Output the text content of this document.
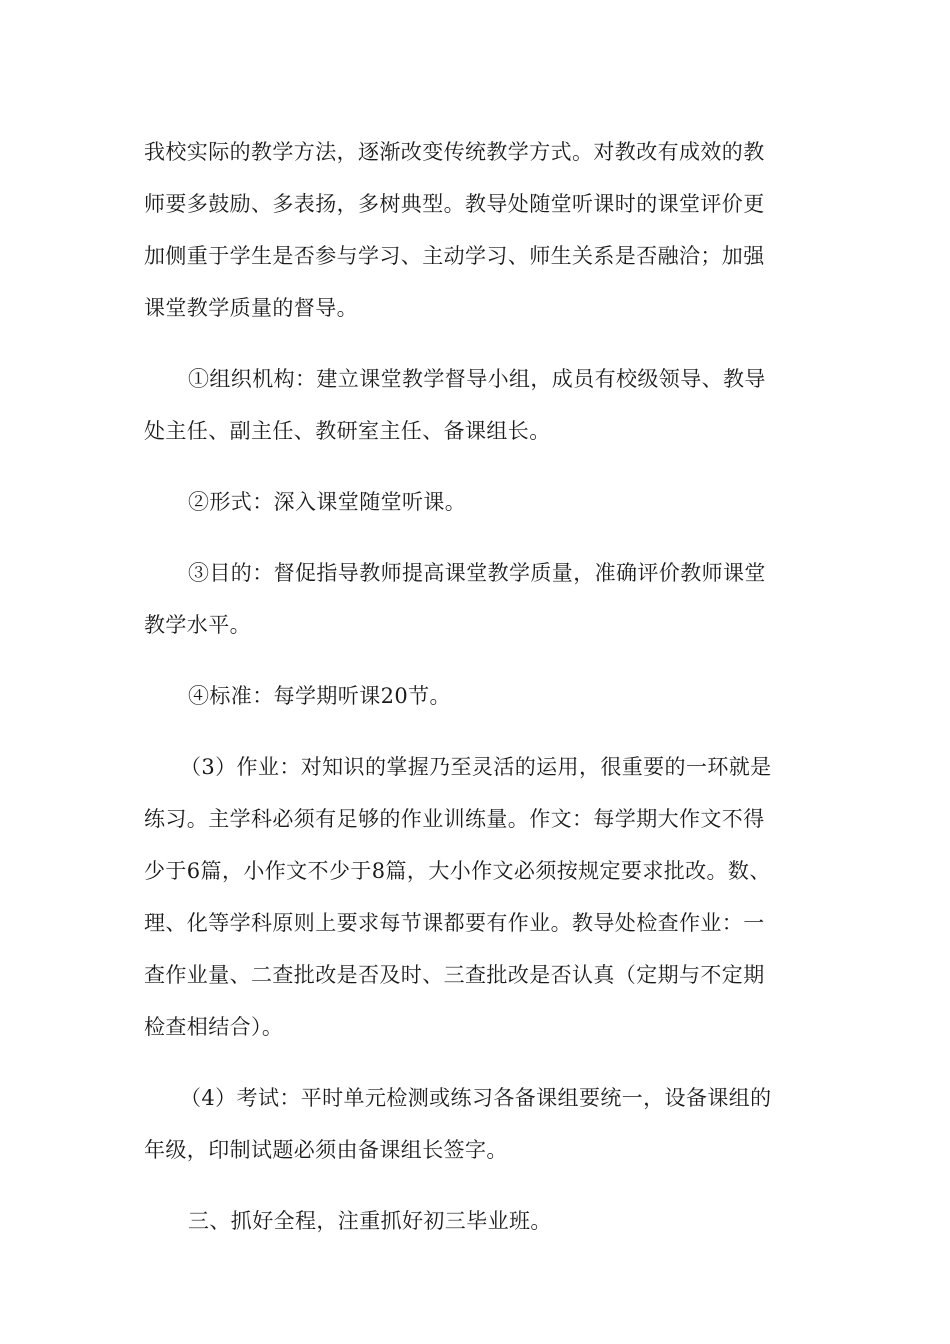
我校实际的教学方法，逐渐改变传统教学方式。对教改有成效的教
师要多鼓励、多表扬，多树典型。教导处随堂听课时的课堂评价更
加侧重于学生是否参与学习、主动学习、师生关系是否融洽；加强
课堂教学质量的督导。

①组织机构：建立课堂教学督导小组，成员有校级领导、教导
处主任、副主任、教研室主任、备课组长。

②形式：深入课堂随堂听课。

③目的：督促指导教师提高课堂教学质量，准确评价教师课堂
教学水平。

④标准：每学期听课20节。

（3）作业：对知识的掌握乃至灵活的运用，很重要的一环就是
练习。主学科必须有足够的作业训练量。作文：每学期大作文不得
少于6篇，小作文不少于8篇，大小作文必须按规定要求批改。数、
理、化等学科原则上要求每节课都要有作业。教导处检查作业：一
查作业量、二查批改是否及时、三查批改是否认真（定期与不定期
检查相结合）。

（4）考试：平时单元检测或练习各备课组要统一，设备课组的
年级，印制试题必须由备课组长签字。

三、抓好全程，注重抓好初三毕业班。
